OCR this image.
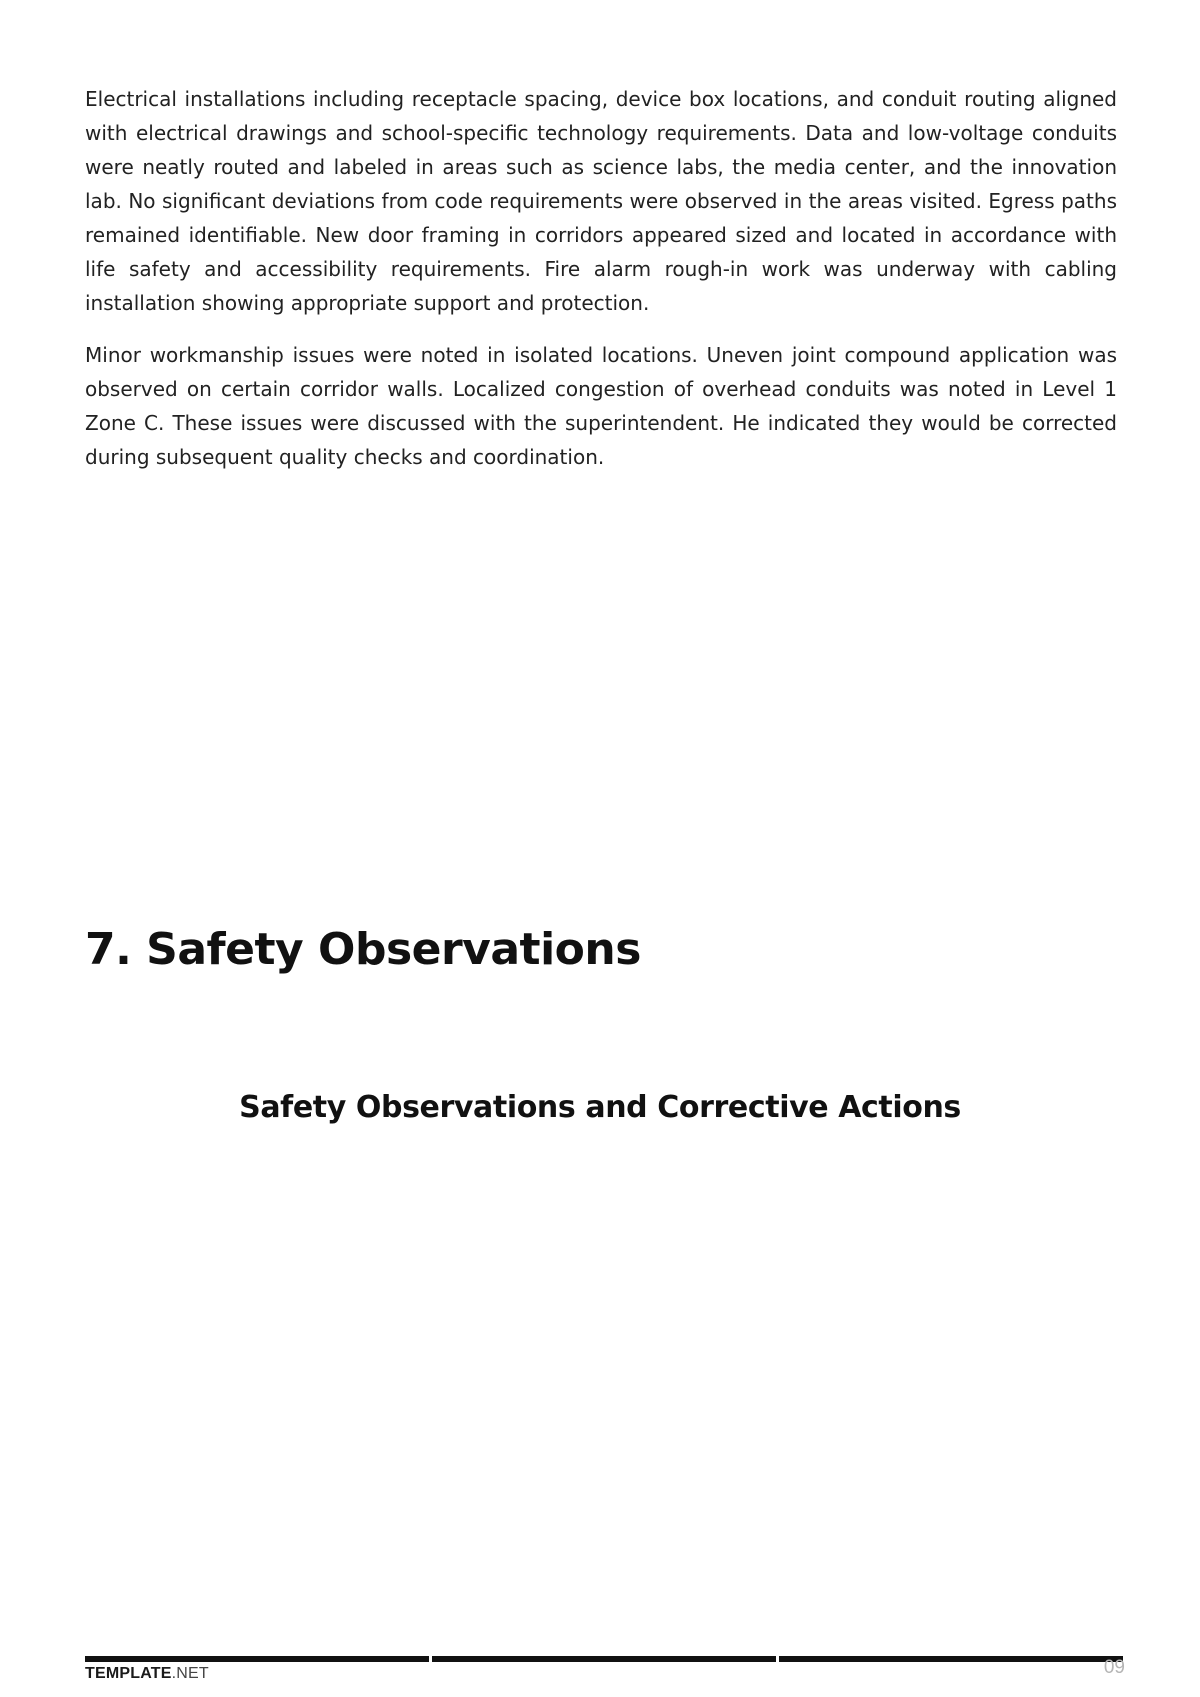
Electrical installations including receptacle spacing, device box locations, and conduit routing aligned with electrical drawings and school-specific technology requirements. Data and low-voltage conduits were neatly routed and labeled in areas such as science labs, the media center, and the innovation lab. No significant deviations from code requirements were observed in the areas visited. Egress paths remained identifiable. New door framing in corridors appeared sized and located in accordance with life safety and accessibility requirements. Fire alarm rough-in work was underway with cabling installation showing appropriate support and protection.

Minor workmanship issues were noted in isolated locations. Uneven joint compound application was observed on certain corridor walls. Localized congestion of overhead conduits was noted in Level 1 Zone C. These issues were discussed with the superintendent. He indicated they would be corrected during subsequent quality checks and coordination.

7. Safety Observations
Safety Observations and Corrective Actions
TEMPLATE.NET	09
